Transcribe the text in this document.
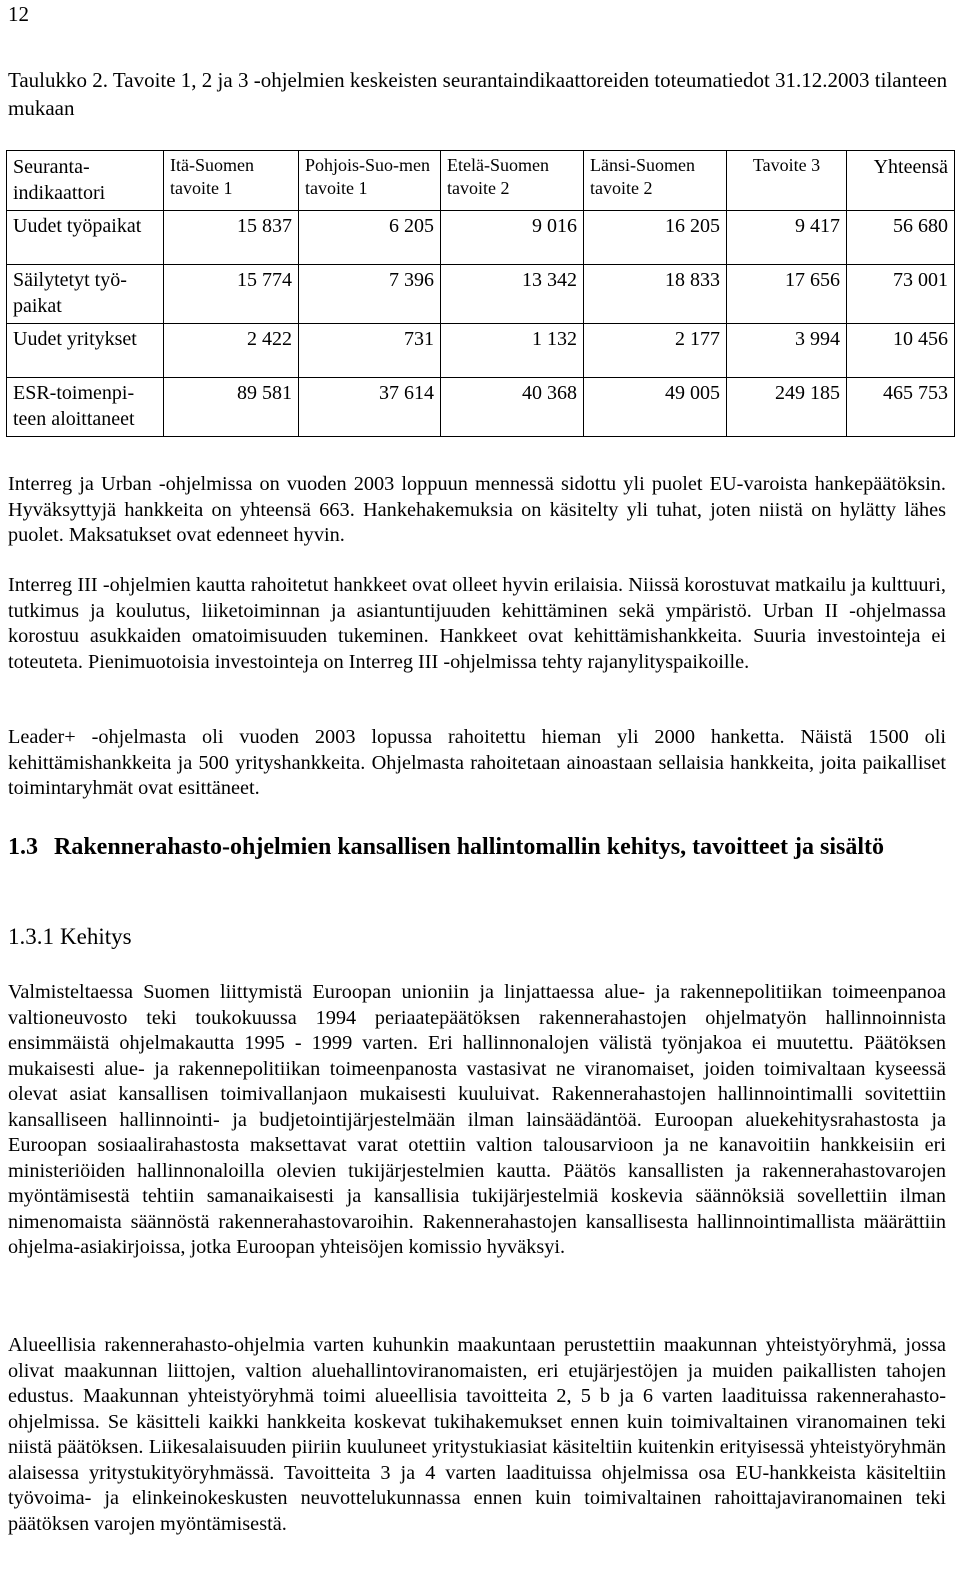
12
Taulukko 2. Tavoite 1, 2 ja 3 -ohjelmien keskeisten seurantaindikaattoreiden toteumatiedot 31.12.2003 tilanteen mukaan
Seuranta-indikaattori	Itä-Suomen tavoite 1	Pohjois-Suo-men tavoite 1	Etelä-Suomen tavoite 2	Länsi-Suomen tavoite 2	Tavoite 3	Yhteensä
Uudet työpaikat	15 837	6 205	9 016	16 205	9 417	56 680
Säilytetyt työ-paikat	15 774	7 396	13 342	18 833	17 656	73 001
Uudet yritykset	2 422	731	1 132	2 177	3 994	10 456
ESR-toimenpi-teen aloittaneet	89 581	37 614	40 368	49 005	249 185	465 753

Interreg ja Urban -ohjelmissa on vuoden 2003 loppuun mennessä sidottu yli puolet EU-varoista hankepäätöksin. Hyväksyttyjä hankkeita on yhteensä 663. Hankehakemuksia on käsitelty yli tuhat, joten niistä on hylätty lähes puolet. Maksatukset ovat edenneet hyvin.

Interreg III -ohjelmien kautta rahoitetut hankkeet ovat olleet hyvin erilaisia. Niissä korostuvat matkailu ja kulttuuri, tutkimus ja koulutus, liiketoiminnan ja asiantuntijuuden kehittäminen sekä ympäristö. Urban II -ohjelmassa korostuu asukkaiden omatoimisuuden tukeminen. Hankkeet ovat kehittämishankkeita. Suuria investointeja ei toteuteta. Pienimuotoisia investointeja on Interreg III -ohjelmissa tehty rajanylityspaikoille.

Leader+ -ohjelmasta oli vuoden 2003 lopussa rahoitettu hieman yli 2000 hanketta. Näistä 1500 oli kehittämishankkeita ja 500 yrityshankkeita. Ohjelmasta rahoitetaan ainoastaan sellaisia hankkeita, joita paikalliset toimintaryhmät ovat esittäneet.

1.3 Rakennerahasto-ohjelmien kansallisen hallintomallin kehitys, tavoitteet ja sisältö
1.3.1 Kehitys

Valmisteltaessa Suomen liittymistä Euroopan unioniin ja linjattaessa alue- ja rakennepolitiikan toimeenpanoa valtioneuvosto teki toukokuussa 1994 periaatepäätöksen rakennerahastojen ohjelmatyön hallinnoinnista ensimmäistä ohjelmakautta 1995 - 1999 varten. Eri hallinnonalojen välistä työnjakoa ei muutettu. Päätöksen mukaisesti alue- ja rakennepolitiikan toimeenpanosta vastasivat ne viranomaiset, joiden toimivaltaan kyseessä olevat asiat kansallisen toimivallanjaon mukaisesti kuuluivat. Rakennerahastojen hallinnointimalli sovitettiin kansalliseen hallinnointi- ja budjetointijärjestelmään ilman lainsäädäntöä. Euroopan aluekehitysrahastosta ja Euroopan sosiaalirahastosta maksettavat varat otettiin valtion talousarvioon ja ne kanavoitiin hankkeisiin eri ministeriöiden hallinnonaloilla olevien tukijärjestelmien kautta. Päätös kansallisten ja rakennerahastovarojen myöntämisestä tehtiin samanaikaisesti ja kansallisia tukijärjestelmiä koskevia säännöksiä sovellettiin ilman nimenomaista säännöstä rakennerahastovaroihin. Rakennerahastojen kansallisesta hallinnointimallista määrättiin ohjelma-asiakirjoissa, jotka Euroopan yhteisöjen komissio hyväksyi.

Alueellisia rakennerahasto-ohjelmia varten kuhunkin maakuntaan perustettiin maakunnan yhteistyöryhmä, jossa olivat maakunnan liittojen, valtion aluehallintoviranomaisten, eri etujärjestöjen ja muiden paikallisten tahojen edustus. Maakunnan yhteistyöryhmä toimi alueellisia tavoitteita 2, 5 b ja 6 varten laadituissa rakennerahasto-ohjelmissa. Se käsitteli kaikki hankkeita koskevat tukihakemukset ennen kuin toimivaltainen viranomainen teki niistä päätöksen. Liikesalaisuuden piiriin kuuluneet yritystukiasiat käsiteltiin kuitenkin erityisessä yhteistyöryhmän alaisessa yritystukityöryhmässä. Tavoitteita 3 ja 4 varten laadituissa ohjelmissa osa EU-hankkeista käsiteltiin työvoima- ja elinkeinokeskusten neuvottelukunnassa ennen kuin toimivaltainen rahoittajaviranomainen teki päätöksen varojen myöntämisestä.
